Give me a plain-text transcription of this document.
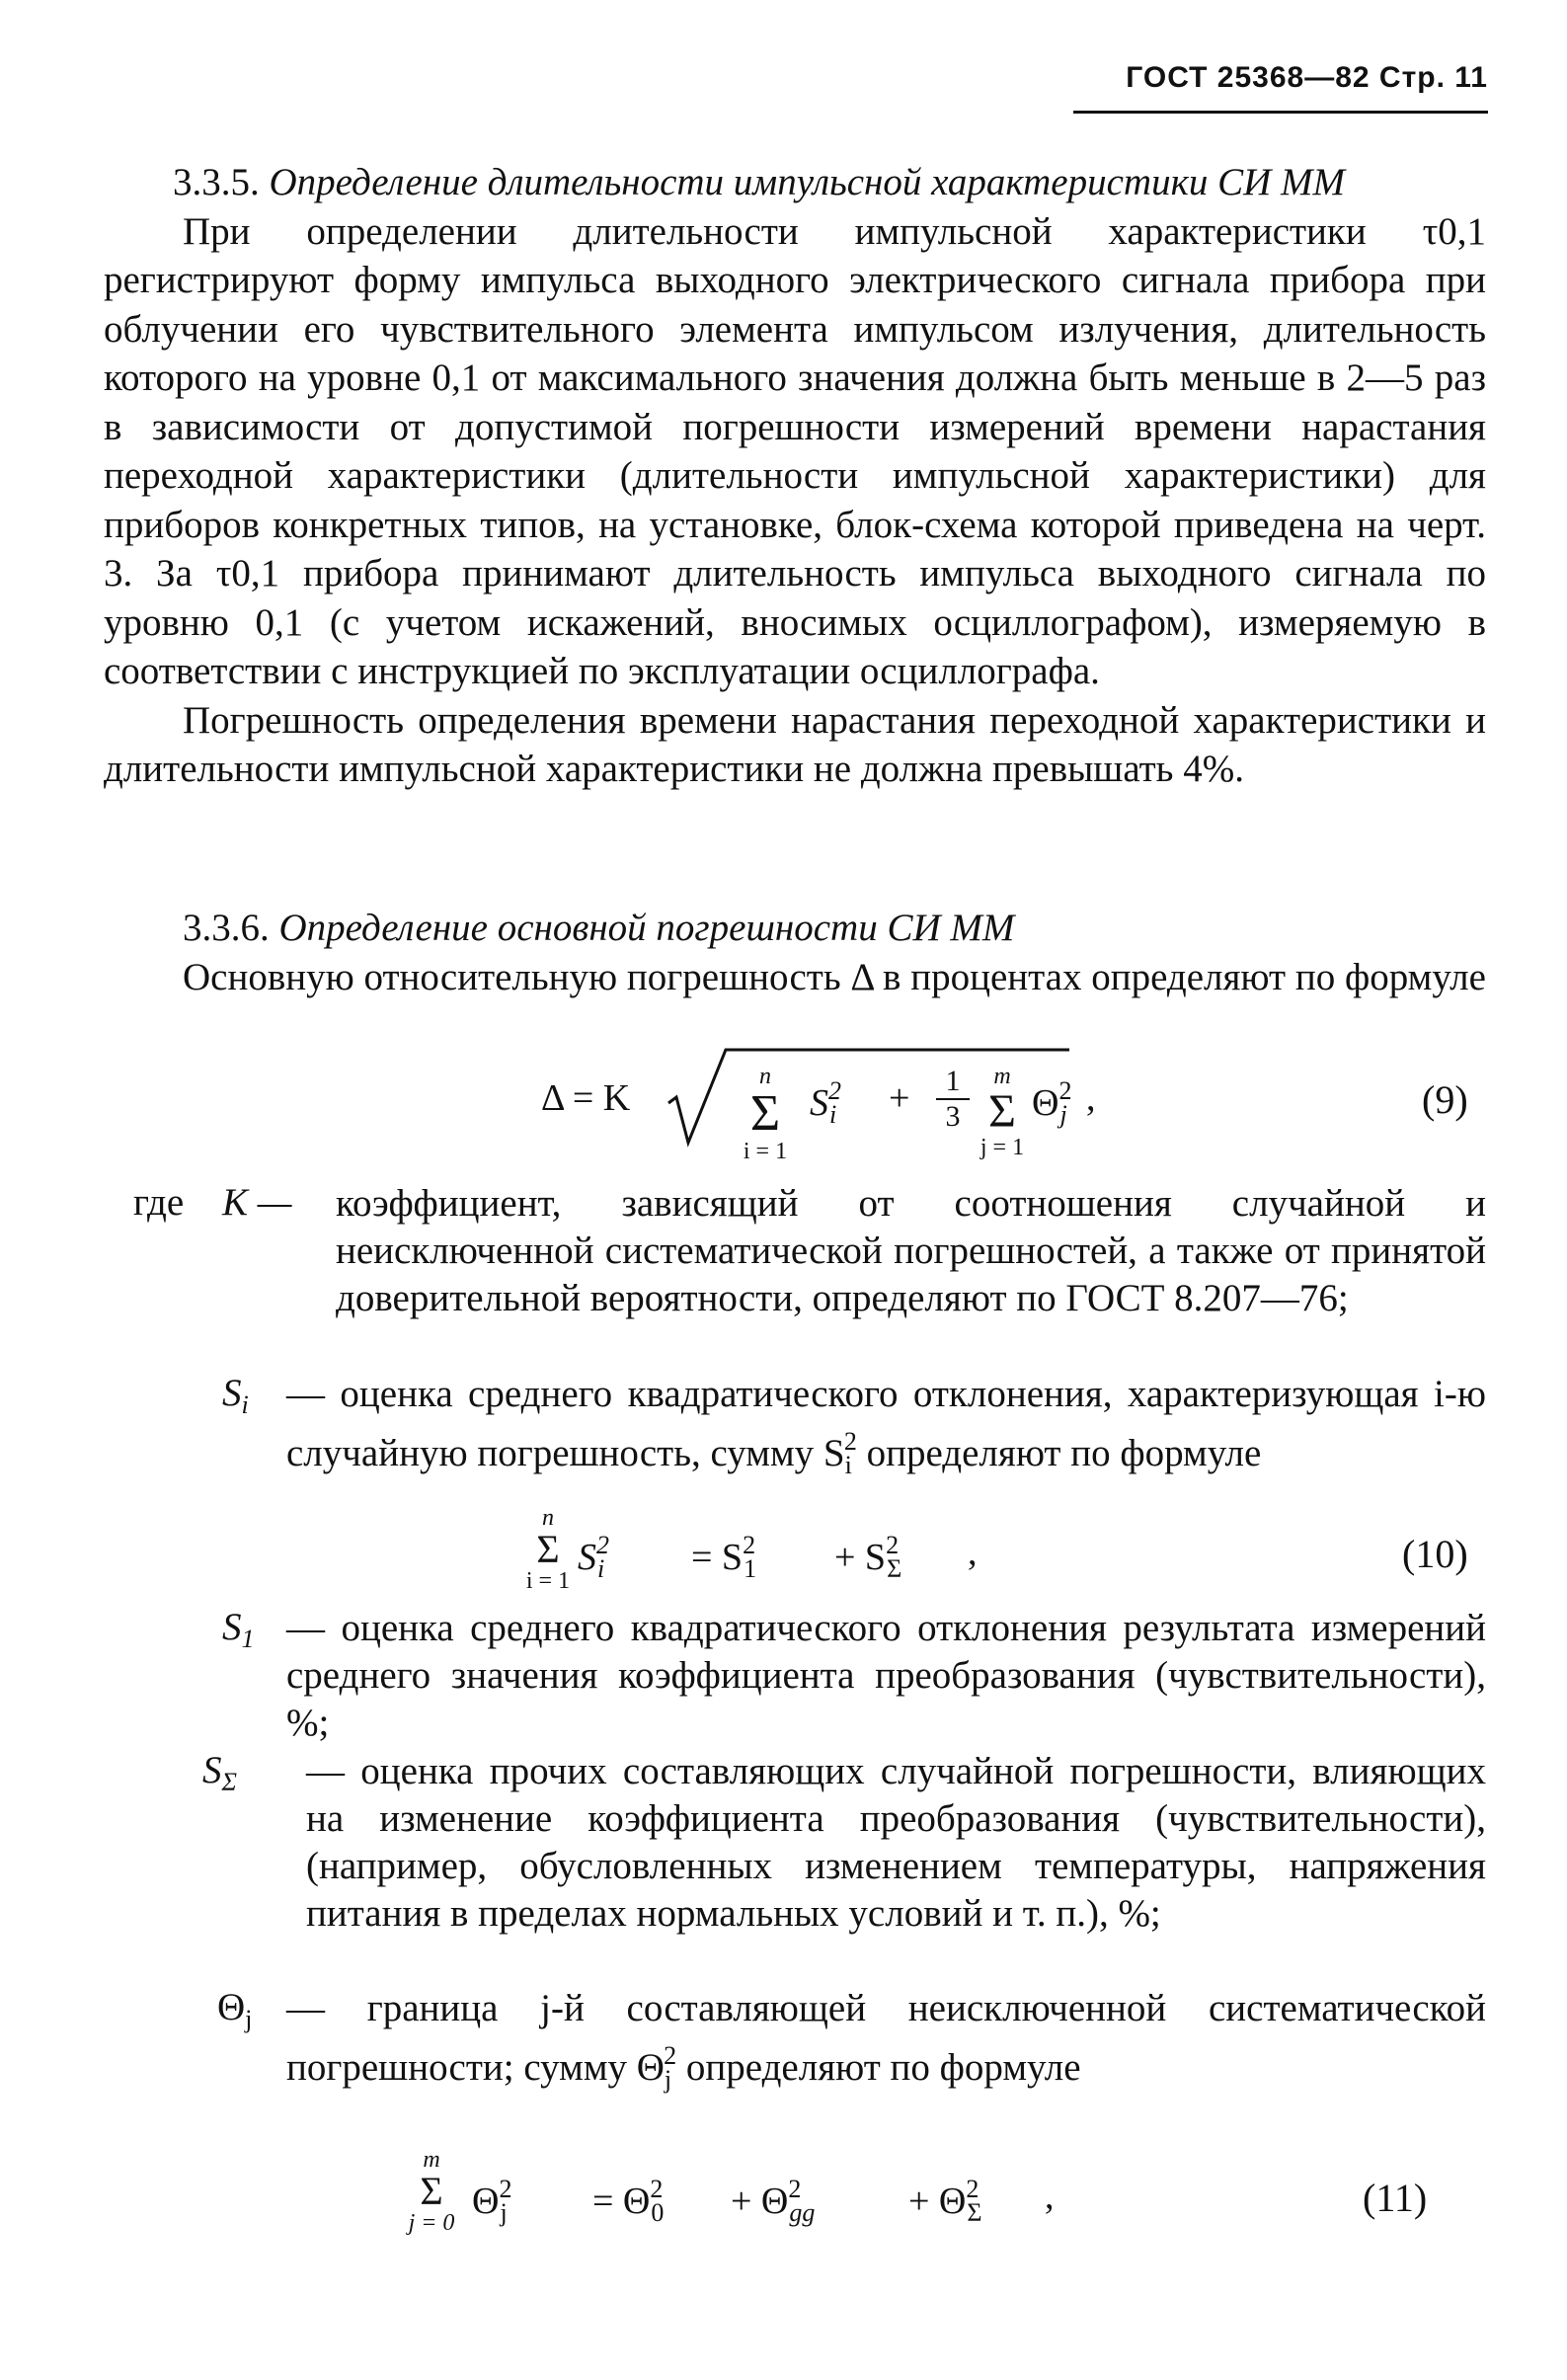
ГОСТ 25368—82 Стр. 11

3.3.5. Определение длительности импульсной характеристики СИ ММ

При определении длительности импульсной характеристики τ0,1 регистрируют форму импульса выходного электрического сигнала прибора при облучении его чувствительного элемента импульсом излучения, длительность которого на уровне 0,1 от максимального значения должна быть меньше в 2—5 раз в зависимости от допустимой погрешности измерений времени нарастания переходной характеристики (длительности импульсной характеристики) для приборов конкретных типов, на установке, блок-схема которой приведена на черт. 3. За τ0,1 прибора принимают длительность импульса выходного сигнала по уровню 0,1 (с учетом искажений, вносимых осциллографом), измеряемую в соответствии с инструкцией по эксплуатации осциллографа.

Погрешность определения времени нарастания переходной характеристики и длительности импульсной характеристики не должна превышать 4%.

3.3.6. Определение основной погрешности СИ ММ

Основную относительную погрешность Δ в процентах определяют по формуле

Δ = K
n
Σ
i = 1
$S^2_i$ +	1
3
m
Σ
j = 1
$\Theta^2_j$ ,	(9)
где K — коэффициент, зависящий от соотношения случайной и неисключенной систематической погрешностей, а также от принятой доверительной вероятности, определяют по ГОСТ 8.207—76;
$S_i$ — оценка среднего квадратического отклонения, характеризующая i-ю случайную погрешность, сумму $S_i^2$ определяют по формуле
n
Σ
i = 1
$S^2_i = S^2_1 + S^2_\Sigma$ ,	(10)
$S_1$ — оценка среднего квадратического отклонения результата измерений среднего значения коэффициента преобразования (чувствительности), %;
$S_\Sigma$ — оценка прочих составляющих случайной погрешности, влияющих на изменение коэффициента преобразования (чувствительности), (например, обусловленных изменением температуры, напряжения питания в пределах нормальных условий и т. п.), %;
$\Theta_j$ — граница j-й составляющей неисключенной систематической погрешности; сумму $\Theta_j^2$ определяют по формуле
m
Σ
j = 0
$\Theta^2_j = \Theta^2_0 + \Theta^2_{gg} + \Theta^2_\Sigma$ ,	(11)
